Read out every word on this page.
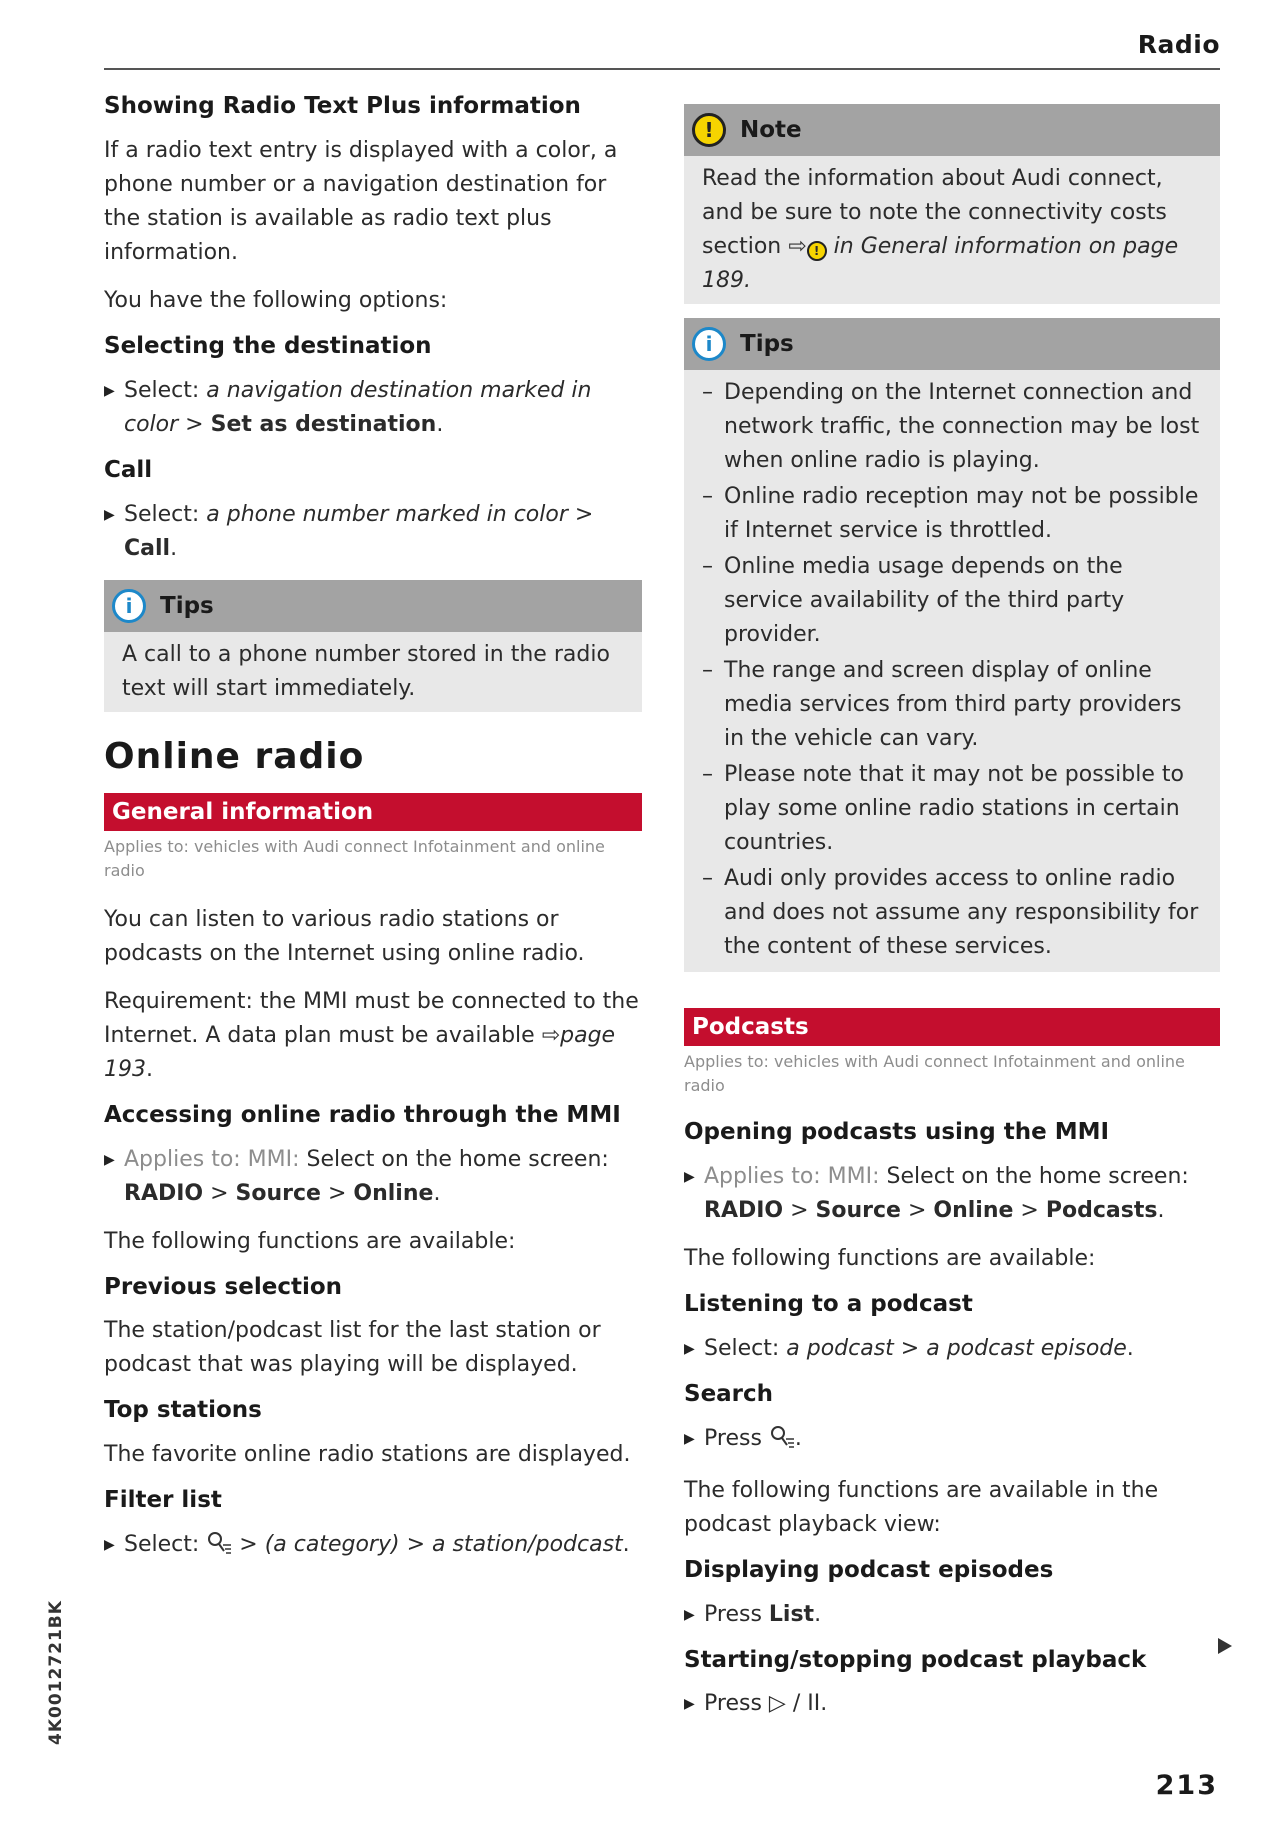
Radio
Showing Radio Text Plus information

If a radio text entry is displayed with a color, a phone number or a navigation destination for the station is available as radio text plus information.

You have the following options:

Selecting the destination
▶ Select: a navigation destination marked in color > Set as destination.
Call
▶ Select: a phone number marked in color > Call.
i	Tips
A call to a phone number stored in the radio text will start immediately.
Online radio
General information
Applies to: vehicles with Audi connect Infotainment and online radio

You can listen to various radio stations or podcasts on the Internet using online radio.

Requirement: the MMI must be connected to the Internet. A data plan must be available ⇨page 193.

Accessing online radio through the MMI
▶ Applies to: MMI: Select on the home screen:
RADIO > Source > Online.

The following functions are available:

Previous selection

The station/podcast list for the last station or podcast that was playing will be displayed.

Top stations

The favorite online radio stations are displayed.

Filter list
▶ Select:  > (a category) > a station/podcast.
!	Note
Read the information about Audi connect, and be sure to note the connectivity costs section ⇨ ! in General information on page 189.
i	Tips
– Depending on the Internet connection and network traffic, the connection may be lost when online radio is playing.
– Online radio reception may not be possible if Internet service is throttled.
– Online media usage depends on the service availability of the third party provider.
– The range and screen display of online media services from third party providers in the vehicle can vary.
– Please note that it may not be possible to play some online radio stations in certain countries.
– Audi only provides access to online radio and does not assume any responsibility for the content of these services.
Podcasts
Applies to: vehicles with Audi connect Infotainment and online radio
Opening podcasts using the MMI
▶ Applies to: MMI: Select on the home screen:
RADIO > Source > Online > Podcasts.

The following functions are available:

Listening to a podcast
▶ Select: a podcast > a podcast episode.
Search
▶ Press .

The following functions are available in the podcast playback view:

Displaying podcast episodes
▶ Press List.
Starting/stopping podcast playback
▶ Press ▷ / II.
4K0012721BK
213
